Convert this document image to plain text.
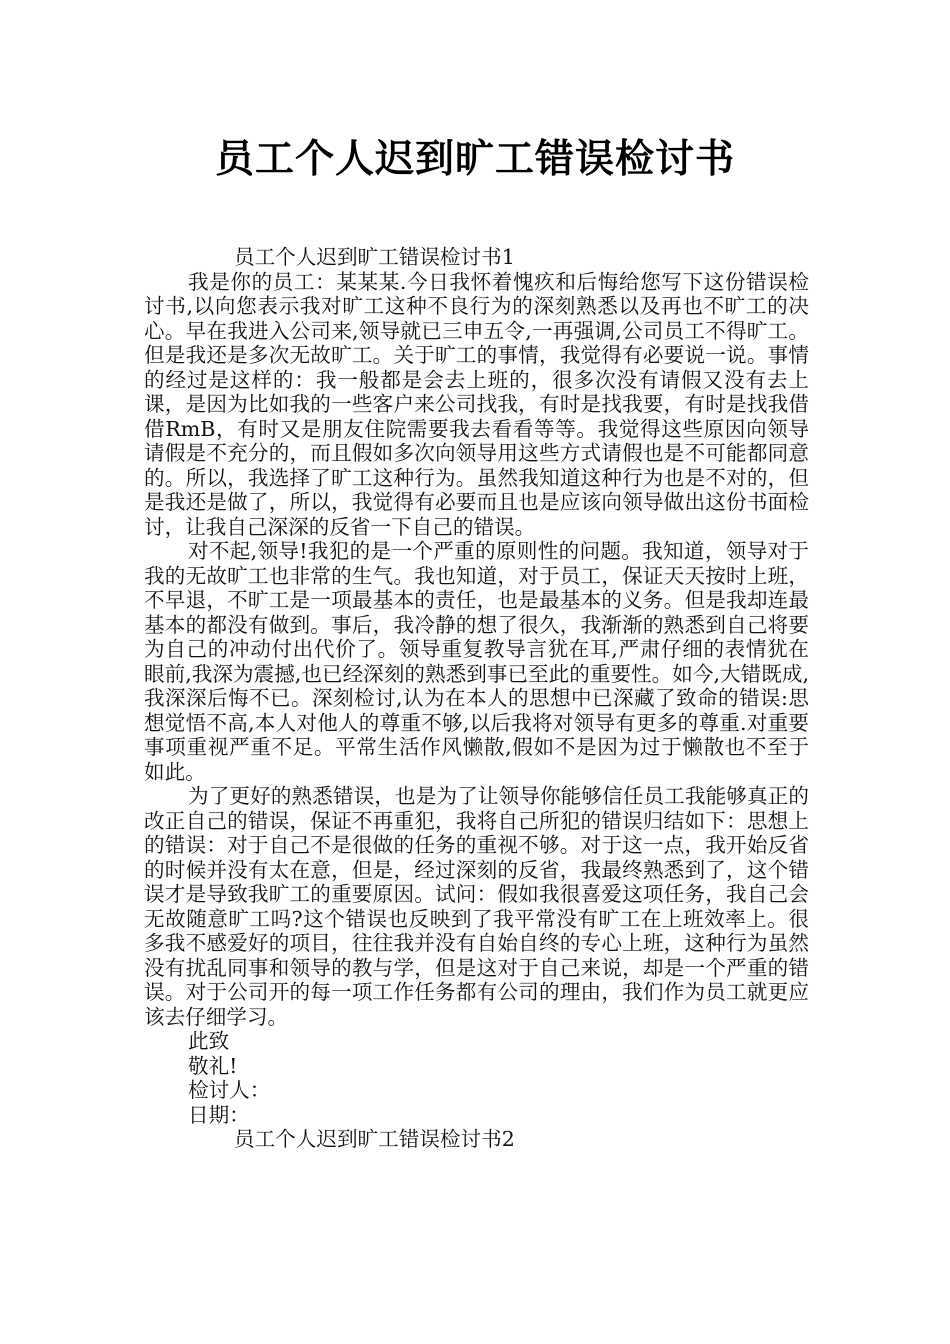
员工个人迟到旷工错误检讨书

员工个人迟到旷工错误检讨书1

我是你的员工：某某某.今日我怀着愧疚和后悔给您写下这份错误检讨书,以向您表示我对旷工这种不良行为的深刻熟悉以及再也不旷工的决心。早在我进入公司来,领导就已三申五令,一再强调,公司员工不得旷工。但是我还是多次无故旷工。关于旷工的事情，我觉得有必要说一说。事情的经过是这样的：我一般都是会去上班的，很多次没有请假又没有去上课，是因为比如我的一些客户来公司找我，有时是找我要，有时是找我借借RmB，有时又是朋友住院需要我去看看等等。我觉得这些原因向领导请假是不充分的，而且假如多次向领导用这些方式请假也是不可能都同意的。所以，我选择了旷工这种行为。虽然我知道这种行为也是不对的，但是我还是做了，所以，我觉得有必要而且也是应该向领导做出这份书面检讨，让我自己深深的反省一下自己的错误。

对不起,领导!我犯的是一个严重的原则性的问题。我知道，领导对于我的无故旷工也非常的生气。我也知道，对于员工，保证天天按时上班，不早退，不旷工是一项最基本的责任，也是最基本的义务。但是我却连最基本的都没有做到。事后，我冷静的想了很久，我渐渐的熟悉到自己将要为自己的冲动付出代价了。领导重复教导言犹在耳,严肃仔细的表情犹在眼前,我深为震撼,也已经深刻的熟悉到事已至此的重要性。如今,大错既成,我深深后悔不已。深刻检讨,认为在本人的思想中已深藏了致命的错误:思想觉悟不高,本人对他人的尊重不够,以后我将对领导有更多的尊重.对重要事项重视严重不足。平常生活作风懒散,假如不是因为过于懒散也不至于如此。

为了更好的熟悉错误，也是为了让领导你能够信任员工我能够真正的改正自己的错误，保证不再重犯，我将自己所犯的错误归结如下：思想上的错误：对于自己不是很做的任务的重视不够。对于这一点，我开始反省的时候并没有太在意，但是，经过深刻的反省，我最终熟悉到了，这个错误才是导致我旷工的重要原因。试问：假如我很喜爱这项任务，我自己会无故随意旷工吗?这个错误也反映到了我平常没有旷工在上班效率上。很多我不感爱好的项目，往往我并没有自始自终的专心上班，这种行为虽然没有扰乱同事和领导的教与学，但是这对于自己来说，却是一个严重的错误。对于公司开的每一项工作任务都有公司的理由，我们作为员工就更应该去仔细学习。

此致

敬礼!

检讨人：

日期：

员工个人迟到旷工错误检讨书2
